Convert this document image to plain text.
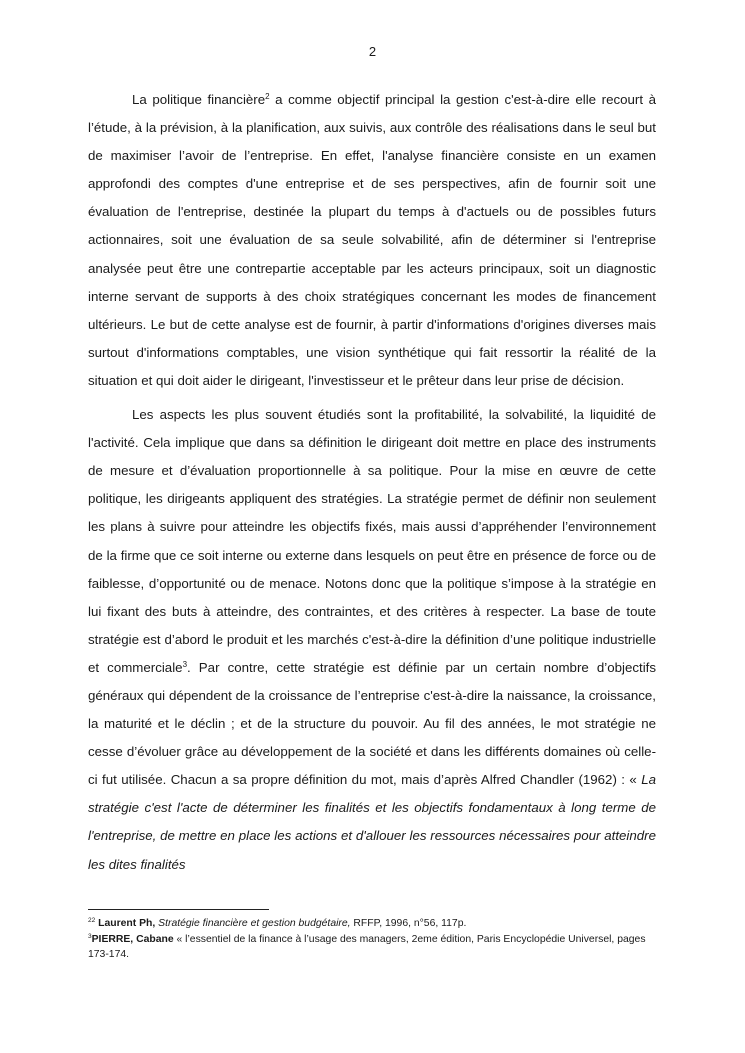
2

La politique financière$^2$ a comme objectif principal la gestion c'est-à-dire elle recourt à l’étude, à la prévision, à la planification, aux suivis, aux contrôle des réalisations dans le seul but de maximiser l’avoir de l’entreprise. En effet, l'analyse financière consiste en un examen approfondi des comptes d'une entreprise et de ses perspectives, afin de fournir soit une évaluation de l'entreprise, destinée la plupart du temps à d'actuels ou de possibles futurs actionnaires, soit une évaluation de sa seule solvabilité, afin de déterminer si l'entreprise analysée peut être une contrepartie acceptable par les acteurs principaux, soit un diagnostic interne servant de supports à des choix stratégiques concernant les modes de financement ultérieurs. Le but de cette analyse est de fournir, à partir d'informations d'origines diverses mais surtout d'informations comptables, une vision synthétique qui fait ressortir la réalité de la situation et qui doit aider le dirigeant, l'investisseur et le prêteur dans leur prise de décision.

Les aspects les plus souvent étudiés sont la profitabilité, la solvabilité, la liquidité de l'activité. Cela implique que dans sa définition le dirigeant doit mettre en place des instruments de mesure et d’évaluation proportionnelle à sa politique. Pour la mise en œuvre de cette politique, les dirigeants appliquent des stratégies. La stratégie permet de définir non seulement les plans à suivre pour atteindre les objectifs fixés, mais aussi d’appréhender l’environnement de la firme que ce soit interne ou externe dans lesquels on peut être en présence de force ou de faiblesse, d’opportunité ou de menace. Notons donc que la politique s’impose à la stratégie en lui fixant des buts à atteindre, des contraintes, et des critères à respecter. La base de toute stratégie est d’abord le produit et les marchés c'est-à-dire la définition d’une politique industrielle et commerciale$^3$. Par contre, cette stratégie est définie par un certain nombre d’objectifs généraux qui dépendent de la croissance de l’entreprise c'est-à-dire la naissance, la croissance, la maturité et le déclin ; et de la structure du pouvoir. Au fil des années, le mot stratégie ne cesse d’évoluer grâce au développement de la société et dans les différents domaines où celle-ci fut utilisée. Chacun a sa propre définition du mot, mais d’après Alfred Chandler (1962) : « La stratégie c'est l'acte de déterminer les finalités et les objectifs fondamentaux à long terme de l'entreprise, de mettre en place les actions et d'allouer les ressources nécessaires pour atteindre les dites finalités

$^{22}$ Laurent Ph, Stratégie financière et gestion budgétaire, RFFP, 1996, n°56, 117p.

$^3$PIERRE, Cabane « l’essentiel de la finance à l’usage des managers, 2eme édition, Paris Encyclopédie Universel, pages 173-174.
